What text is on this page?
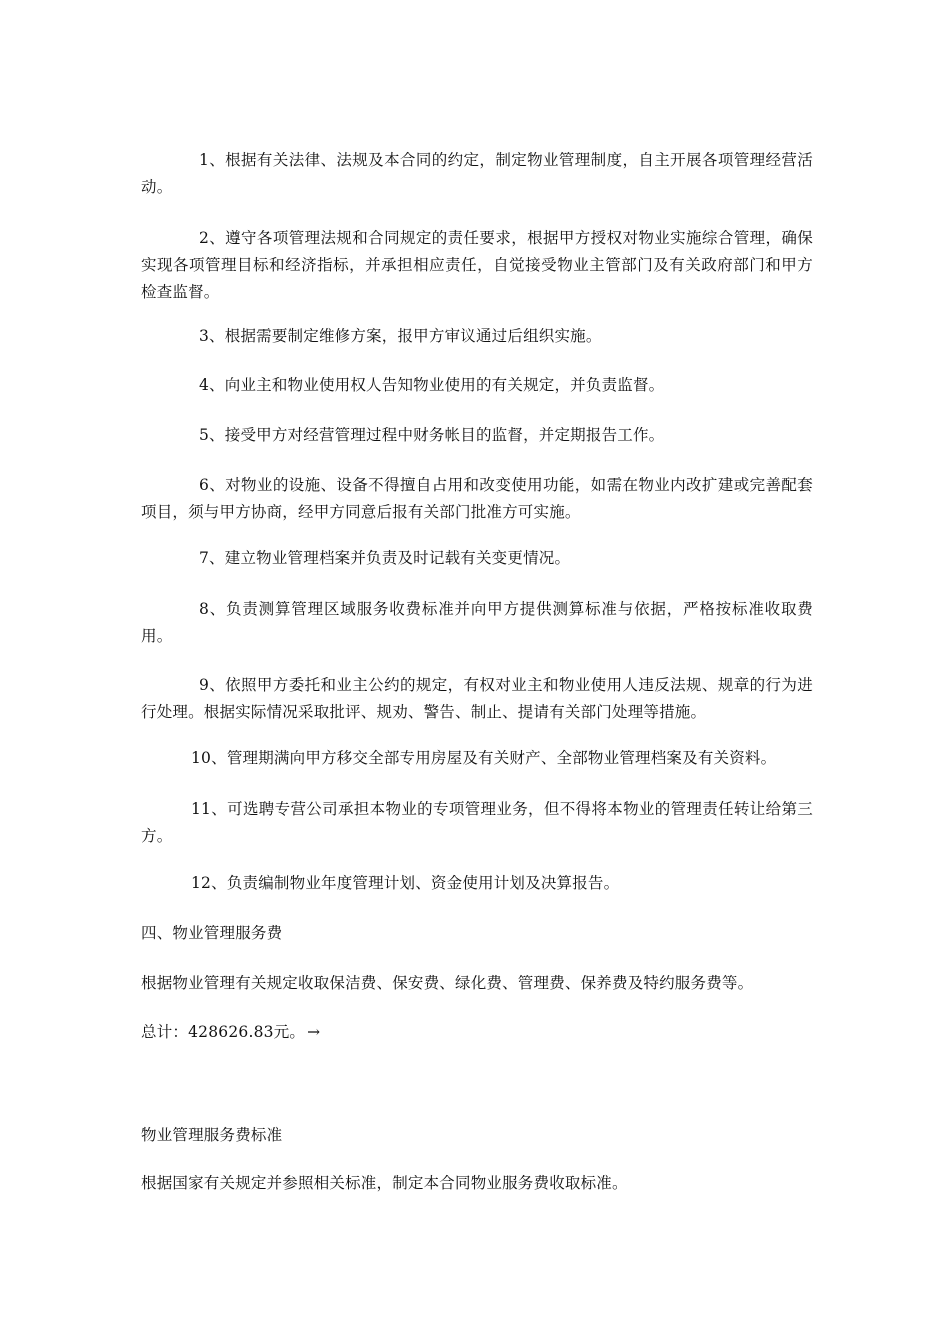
1、根据有关法律、法规及本合同的约定，制定物业管理制度，自主开展各项管理经营活动。

2、遵守各项管理法规和合同规定的责任要求，根据甲方授权对物业实施综合管理，确保实现各项管理目标和经济指标，并承担相应责任，自觉接受物业主管部门及有关政府部门和甲方检查监督。

3、根据需要制定维修方案，报甲方审议通过后组织实施。

4、向业主和物业使用权人告知物业使用的有关规定，并负责监督。

5、接受甲方对经营管理过程中财务帐目的监督，并定期报告工作。

6、对物业的设施、设备不得擅自占用和改变使用功能，如需在物业内改扩建或完善配套项目，须与甲方协商，经甲方同意后报有关部门批准方可实施。

7、建立物业管理档案并负责及时记载有关变更情况。

8、负责测算管理区域服务收费标准并向甲方提供测算标准与依据，严格按标准收取费用。

9、依照甲方委托和业主公约的规定，有权对业主和物业使用人违反法规、规章的行为进行处理。根据实际情况采取批评、规劝、警告、制止、提请有关部门处理等措施。

10、管理期满向甲方移交全部专用房屋及有关财产、全部物业管理档案及有关资料。

11、可选聘专营公司承担本物业的专项管理业务，但不得将本物业的管理责任转让给第三方。

12、负责编制物业年度管理计划、资金使用计划及决算报告。

四、物业管理服务费

根据物业管理有关规定收取保洁费、保安费、绿化费、管理费、保养费及特约服务费等。

总计：428626.83元。 →

物业管理服务费标准

根据国家有关规定并参照相关标准，制定本合同物业服务费收取标准。
